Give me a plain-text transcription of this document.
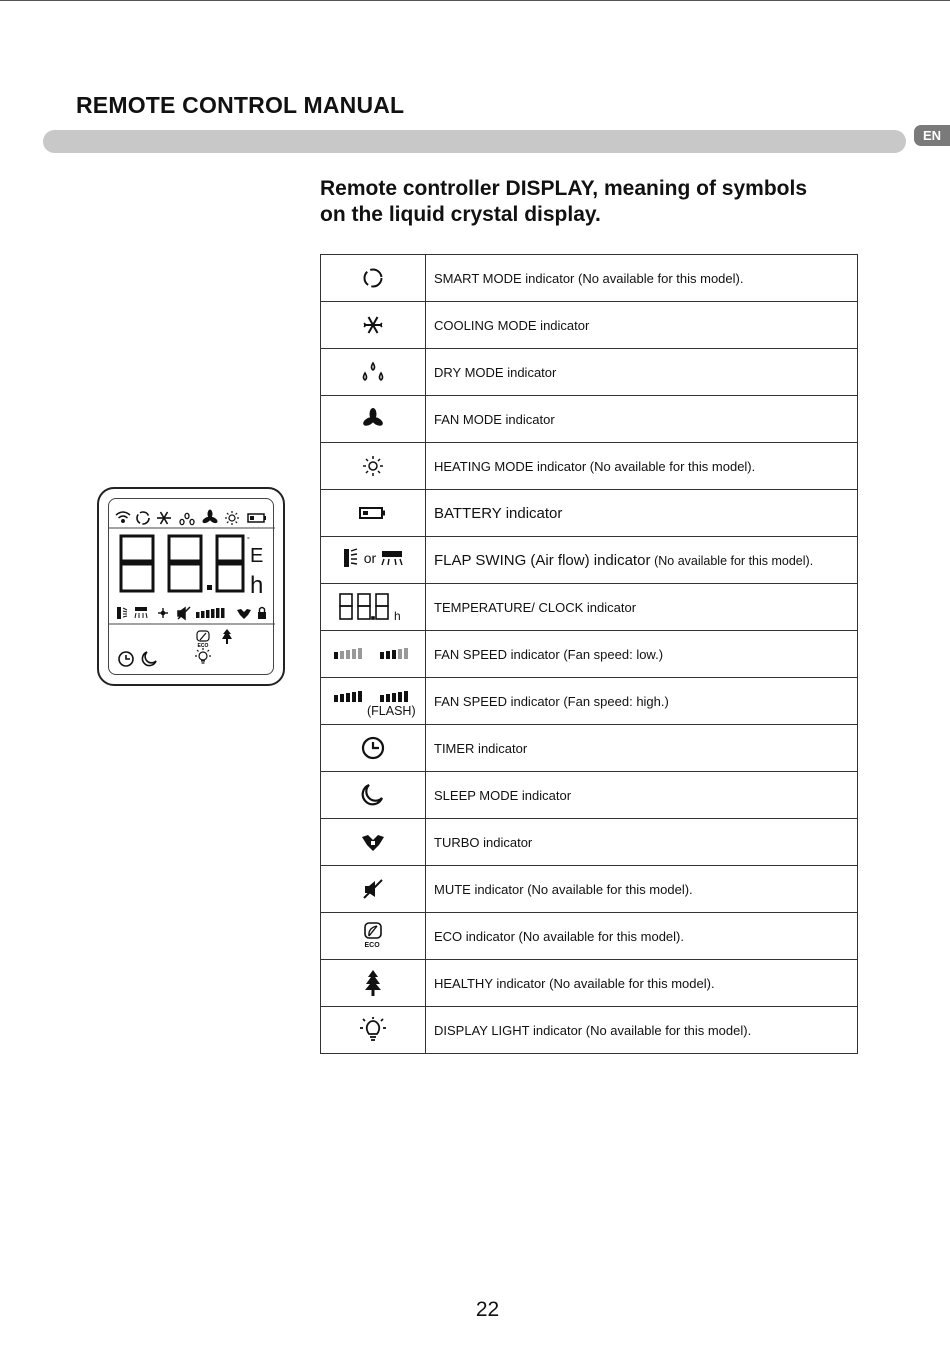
REMOTE CONTROL MANUAL
EN
Remote controller DISPLAY, meaning of symbols
on the liquid crystal display.
°
E
h
ECO
	SMART MODE indicator (No available for this model).

	COOLING MODE indicator

	DRY MODE indicator

	FAN MODE indicator

	HEATING MODE indicator (No available for this model).

	BATTERY indicator

or	FLAP SWING (Air flow) indicator (No available for this model).

h	TEMPERATURE/ CLOCK indicator

	FAN SPEED indicator (Fan speed: low.)

(FLASH)	FAN SPEED indicator (Fan speed: high.)

	TIMER indicator

	SLEEP MODE indicator

	TURBO indicator

	MUTE indicator (No available for this model).

ECO	ECO indicator (No available for this model).

	HEALTHY indicator (No available for this model).

	DISPLAY LIGHT indicator (No available for this model).
22
